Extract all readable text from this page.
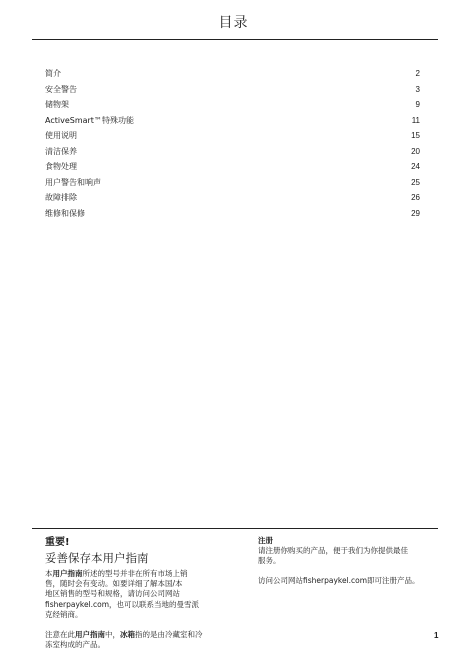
目录
简介	2
安全警告	3
储物架	9
ActiveSmart™特殊功能	11
使用说明	15
清洁保养	20
食物处理	24
用户警告和响声	25
故障排除	26
维修和保修	29

重要!

妥善保存本用户指南

本用户指南所述的型号并非在所有市场上销
售，随时会有变动。如要详细了解本国/本
地区销售的型号和规格，请访问公司网站
fisherpaykel.com，也可以联系当地的曼雪派
克经销商。

注意在此用户指南中，冰箱指的是由冷藏室和冷
冻室构成的产品。

注册

请注册你购买的产品，便于我们为你提供最佳
服务。

访问公司网站fisherpaykel.com即可注册产品。

1
